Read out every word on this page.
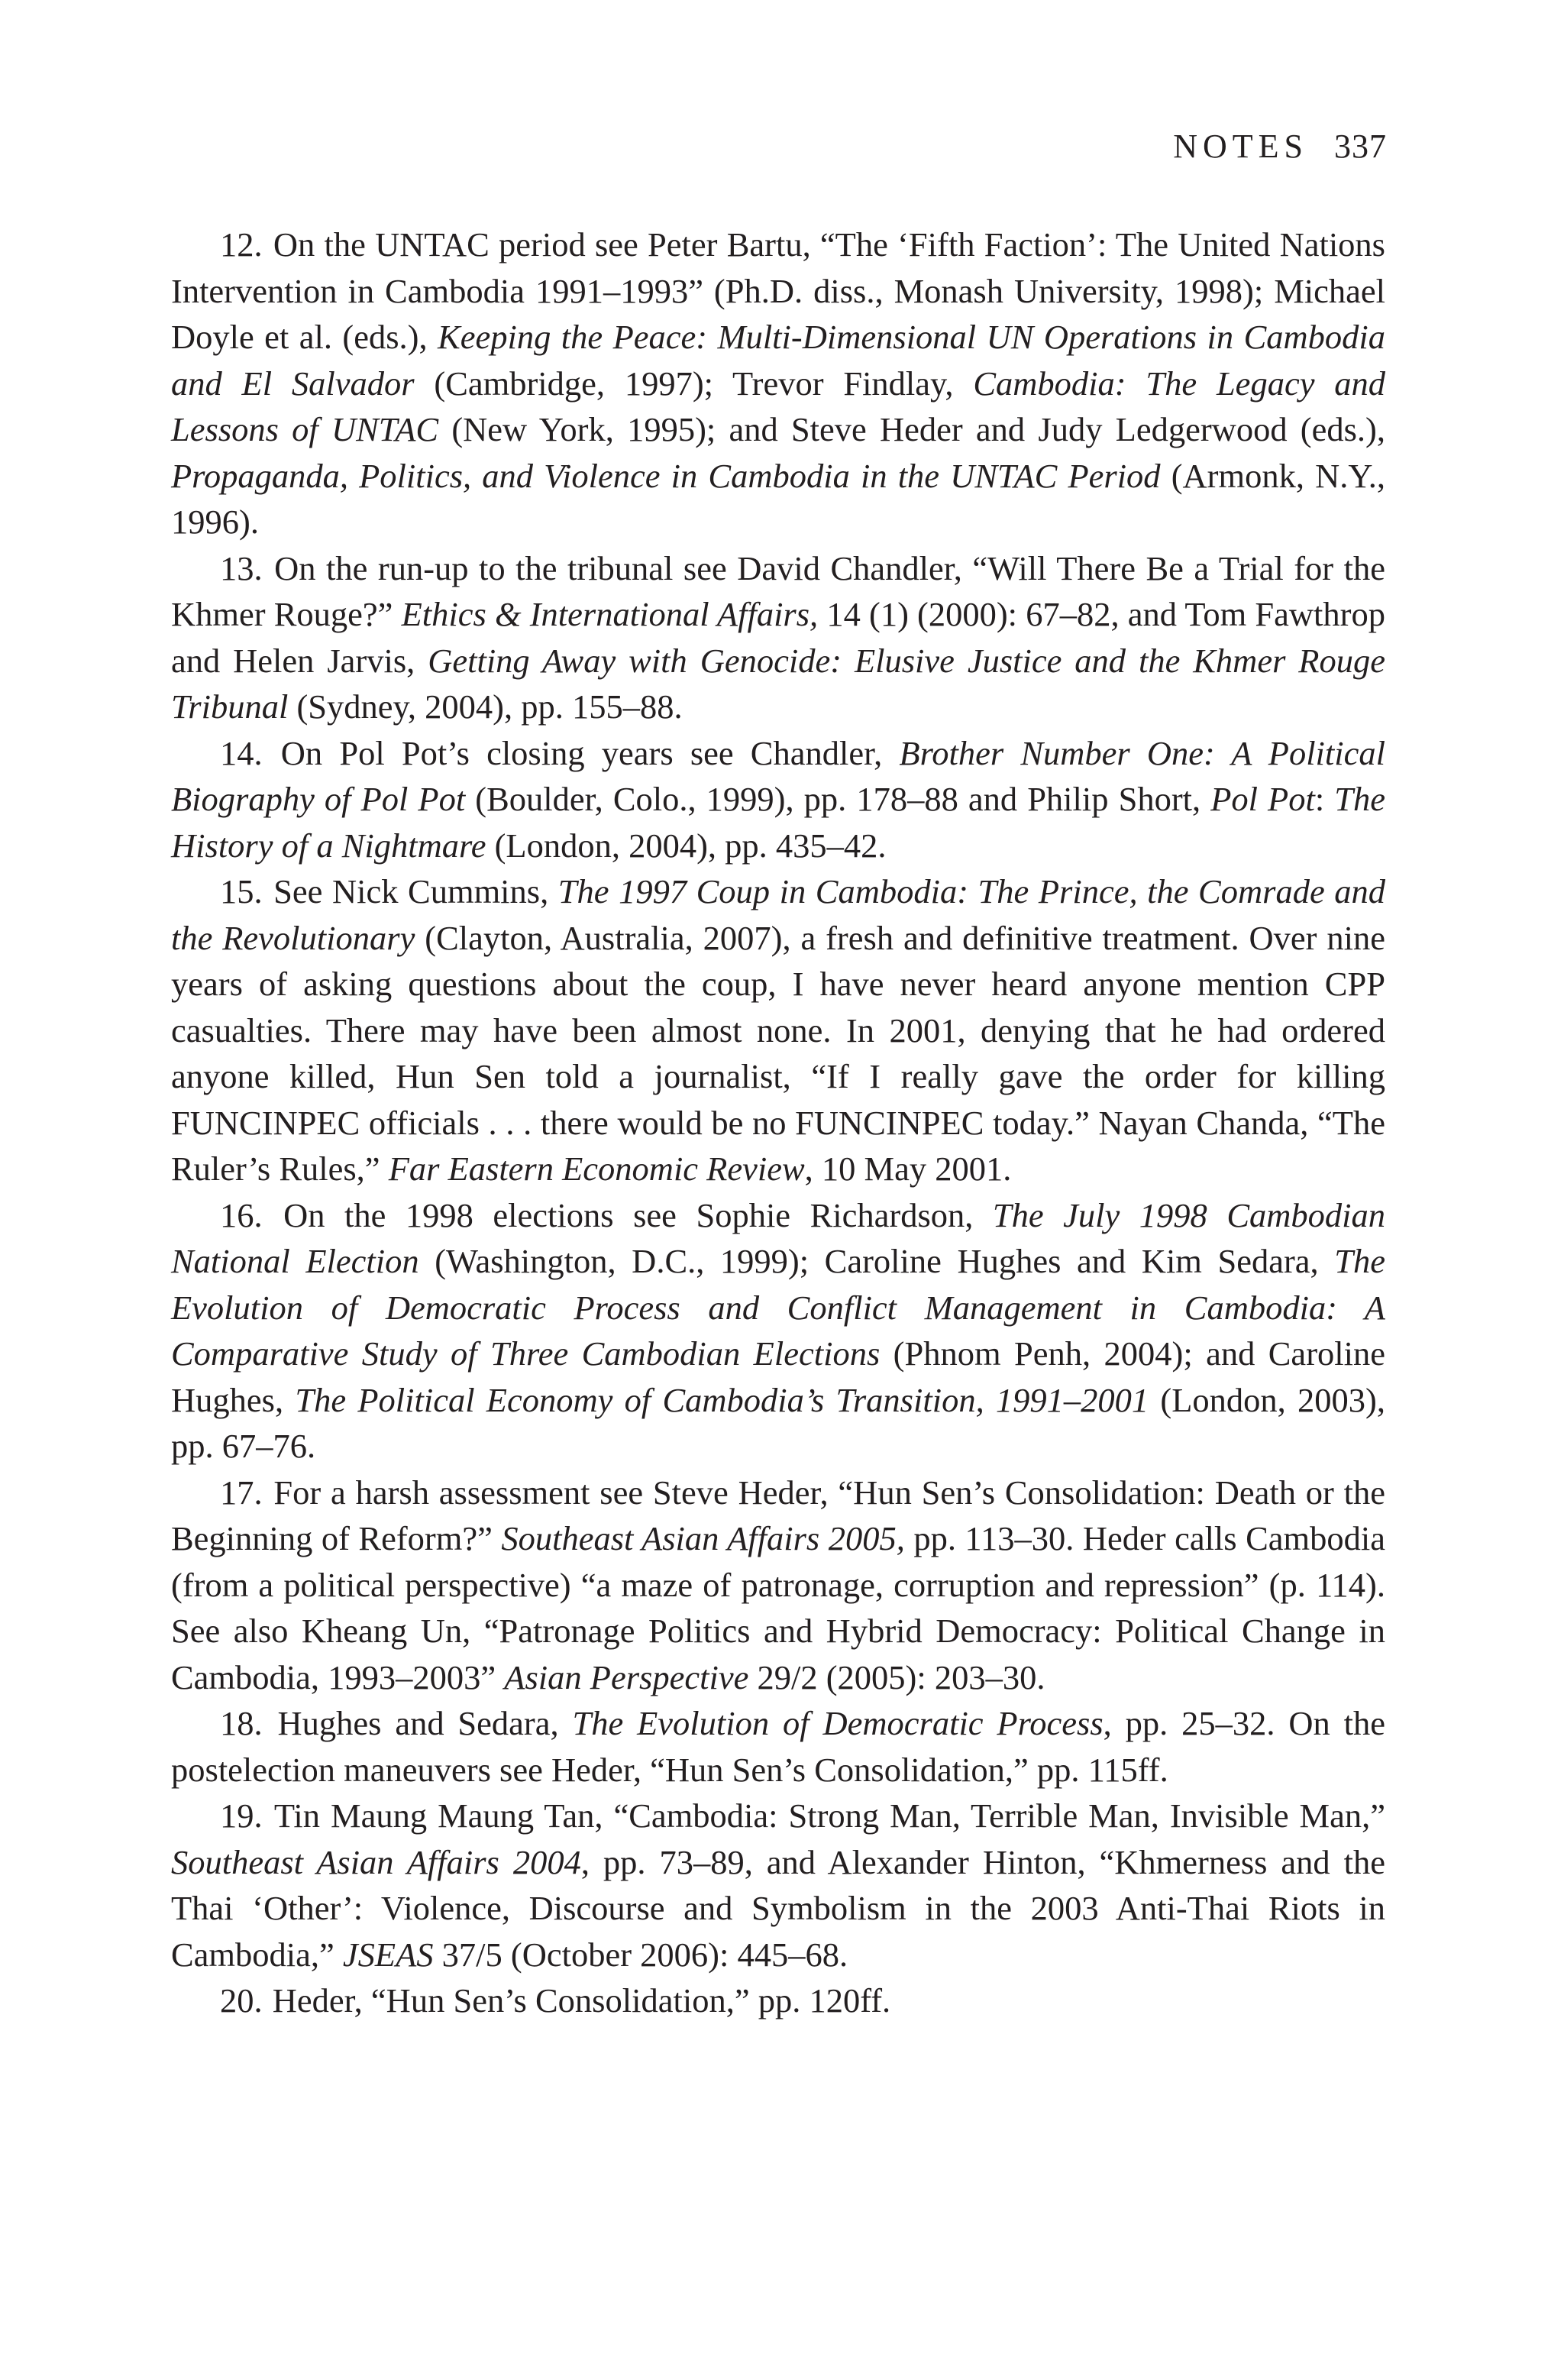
NOTES 337

12. On the UNTAC period see Peter Bartu, “The ‘Fifth Faction’: The United Nations Intervention in Cambodia 1991–1993” (Ph.D. diss., Monash University, 1998); Michael Doyle et al. (eds.), Keeping the Peace: Multi-Dimensional UN Operations in Cambodia and El Salvador (Cambridge, 1997); Trevor Findlay, Cambodia: The Legacy and Lessons of UNTAC (New York, 1995); and Steve Heder and Judy Ledgerwood (eds.), Propaganda, Politics, and Violence in Cambodia in the UNTAC Period (Armonk, N.Y., 1996).

13. On the run-up to the tribunal see David Chandler, “Will There Be a Trial for the Khmer Rouge?” Ethics & International Affairs, 14 (1) (2000): 67–82, and Tom Fawthrop and Helen Jarvis, Getting Away with Genocide: Elusive Justice and the Khmer Rouge Tribunal (Sydney, 2004), pp. 155–88.

14. On Pol Pot’s closing years see Chandler, Brother Number One: A Political Biography of Pol Pot (Boulder, Colo., 1999), pp. 178–88 and Philip Short, Pol Pot: The History of a Nightmare (London, 2004), pp. 435–42.

15. See Nick Cummins, The 1997 Coup in Cambodia: The Prince, the Comrade and the Revolutionary (Clayton, Australia, 2007), a fresh and definitive treatment. Over nine years of asking questions about the coup, I have never heard anyone mention CPP casualties. There may have been almost none. In 2001, denying that he had ordered anyone killed, Hun Sen told a journalist, “If I really gave the order for killing FUNCINPEC officials . . . there would be no FUNCINPEC today.” Nayan Chanda, “The Ruler’s Rules,” Far Eastern Economic Review, 10 May 2001.

16. On the 1998 elections see Sophie Richardson, The July 1998 Cambodian National Election (Washington, D.C., 1999); Caroline Hughes and Kim Sedara, The Evolution of Democratic Process and Conflict Management in Cambodia: A Comparative Study of Three Cambodian Elections (Phnom Penh, 2004); and Caroline Hughes, The Political Economy of Cambodia’s Transition, 1991–2001 (London, 2003), pp. 67–76.

17. For a harsh assessment see Steve Heder, “Hun Sen’s Consolidation: Death or the Beginning of Reform?” Southeast Asian Affairs 2005, pp. 113–30. Heder calls Cambodia (from a political perspective) “a maze of patronage, corruption and repression” (p. 114). See also Kheang Un, “Patronage Politics and Hybrid Democracy: Political Change in Cambodia, 1993–2003” Asian Perspective 29/2 (2005): 203–30.

18. Hughes and Sedara, The Evolution of Democratic Process, pp. 25–32. On the postelection maneuvers see Heder, “Hun Sen’s Consolidation,” pp. 115ff.

19. Tin Maung Maung Tan, “Cambodia: Strong Man, Terrible Man, Invisible Man,” Southeast Asian Affairs 2004, pp. 73–89, and Alexander Hinton, “Khmerness and the Thai ‘Other’: Violence, Discourse and Symbolism in the 2003 Anti-Thai Riots in Cambodia,” JSEAS 37/5 (October 2006): 445–68.

20. Heder, “Hun Sen’s Consolidation,” pp. 120ff.
